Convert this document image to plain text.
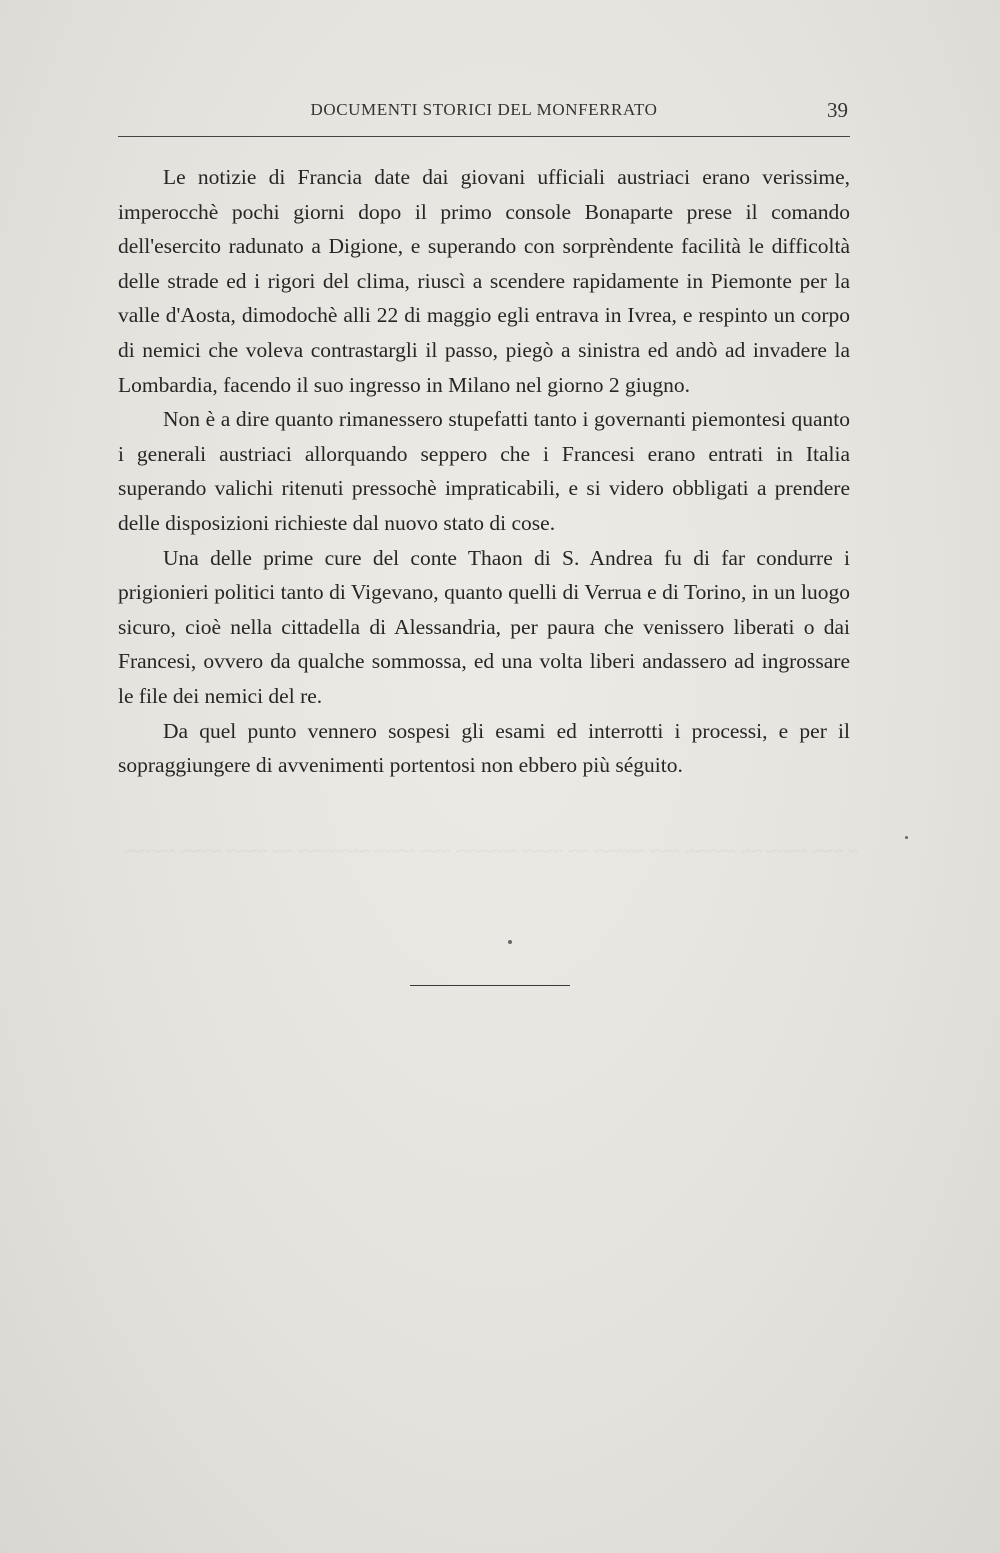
~ ~~~ ~~~~ ~~ ~~~~~ ~~~ ~~~~~ ~~ ~~~~ ~~~~~~ ~~~ ~~~~ ~~~~~~~ ~~ ~~~~ ~~~~ ~~~~~
DOCUMENTI STORICI DEL MONFERRATO	39

Le notizie di Francia date dai giovani ufficiali austriaci erano verissime, imperocchè pochi giorni dopo il primo console Bonaparte prese il comando dell'esercito radunato a Digione, e superando con sorprèndente facilità le difficoltà delle strade ed i rigori del clima, riuscì a scendere rapidamente in Piemonte per la valle d'Aosta, dimodochè alli 22 di maggio egli entrava in Ivrea, e respinto un corpo di nemici che voleva contrastargli il passo, piegò a sinistra ed andò ad invadere la Lombardia, facendo il suo ingresso in Milano nel giorno 2 giugno.

Non è a dire quanto rimanessero stupefatti tanto i governanti piemontesi quanto i generali austriaci allorquando seppero che i Francesi erano entrati in Italia superando valichi ritenuti pressochè impraticabili, e si videro obbligati a prendere delle disposizioni richieste dal nuovo stato di cose.

Una delle prime cure del conte Thaon di S. Andrea fu di far condurre i prigionieri politici tanto di Vigevano, quanto quelli di Verrua e di Torino, in un luogo sicuro, cioè nella cittadella di Alessandria, per paura che venissero liberati o dai Francesi, ovvero da qualche sommossa, ed una volta liberi andassero ad ingrossare le file dei nemici del re.

Da quel punto vennero sospesi gli esami ed interrotti i processi, e per il sopraggiungere di avvenimenti portentosi non ebbero più séguito.
